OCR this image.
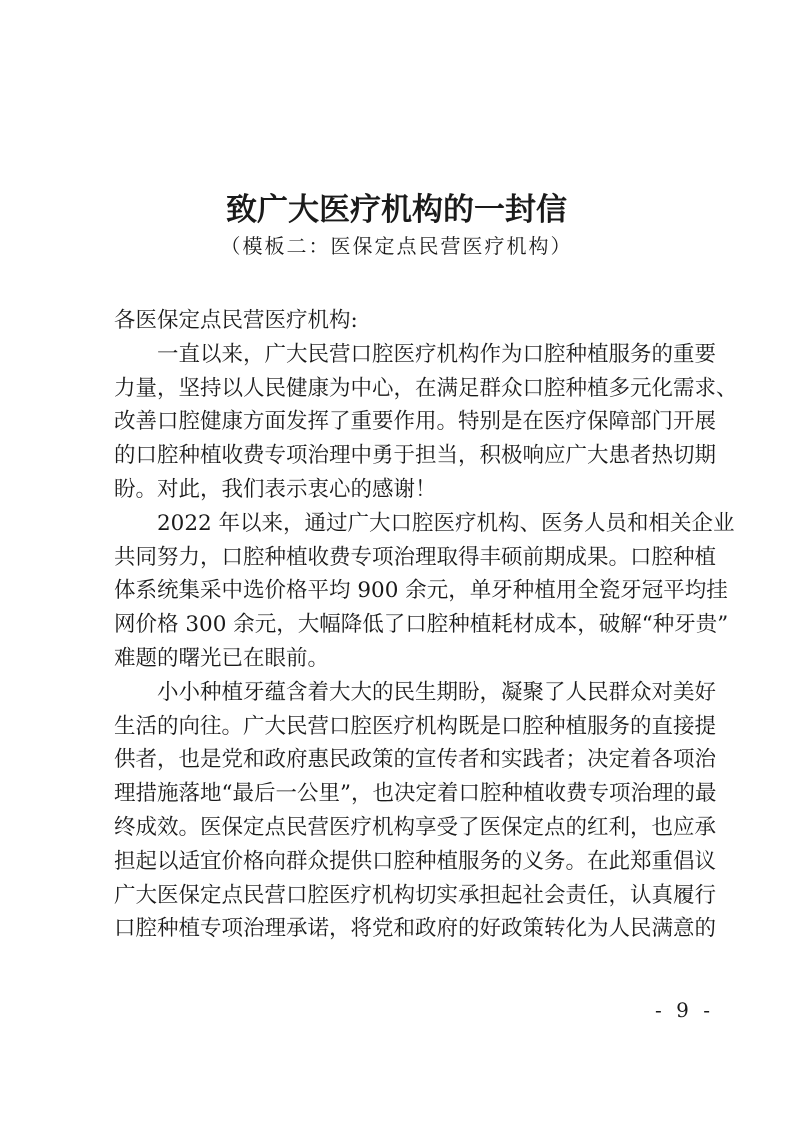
致广大医疗机构的一封信
（模板二：医保定点民营医疗机构）
各医保定点民营医疗机构:
一直以来，广大民营口腔医疗机构作为口腔种植服务的重要
力量，坚持以人民健康为中心，在满足群众口腔种植多元化需求、
改善口腔健康方面发挥了重要作用。特别是在医疗保障部门开展
的口腔种植收费专项治理中勇于担当，积极响应广大患者热切期
盼。对此，我们表示衷心的感谢！
2022 年以来，通过广大口腔医疗机构、医务人员和相关企业
共同努力，口腔种植收费专项治理取得丰硕前期成果。口腔种植
体系统集采中选价格平均 900 余元，单牙种植用全瓷牙冠平均挂
网价格 300 余元，大幅降低了口腔种植耗材成本，破解“种牙贵”
难题的曙光已在眼前。
小小种植牙蕴含着大大的民生期盼，凝聚了人民群众对美好
生活的向往。广大民营口腔医疗机构既是口腔种植服务的直接提
供者，也是党和政府惠民政策的宣传者和实践者；决定着各项治
理措施落地“最后一公里”，也决定着口腔种植收费专项治理的最
终成效。医保定点民营医疗机构享受了医保定点的红利，也应承
担起以适宜价格向群众提供口腔种植服务的义务。在此郑重倡议
广大医保定点民营口腔医疗机构切实承担起社会责任，认真履行
口腔种植专项治理承诺，将党和政府的好政策转化为人民满意的
- 9 -
